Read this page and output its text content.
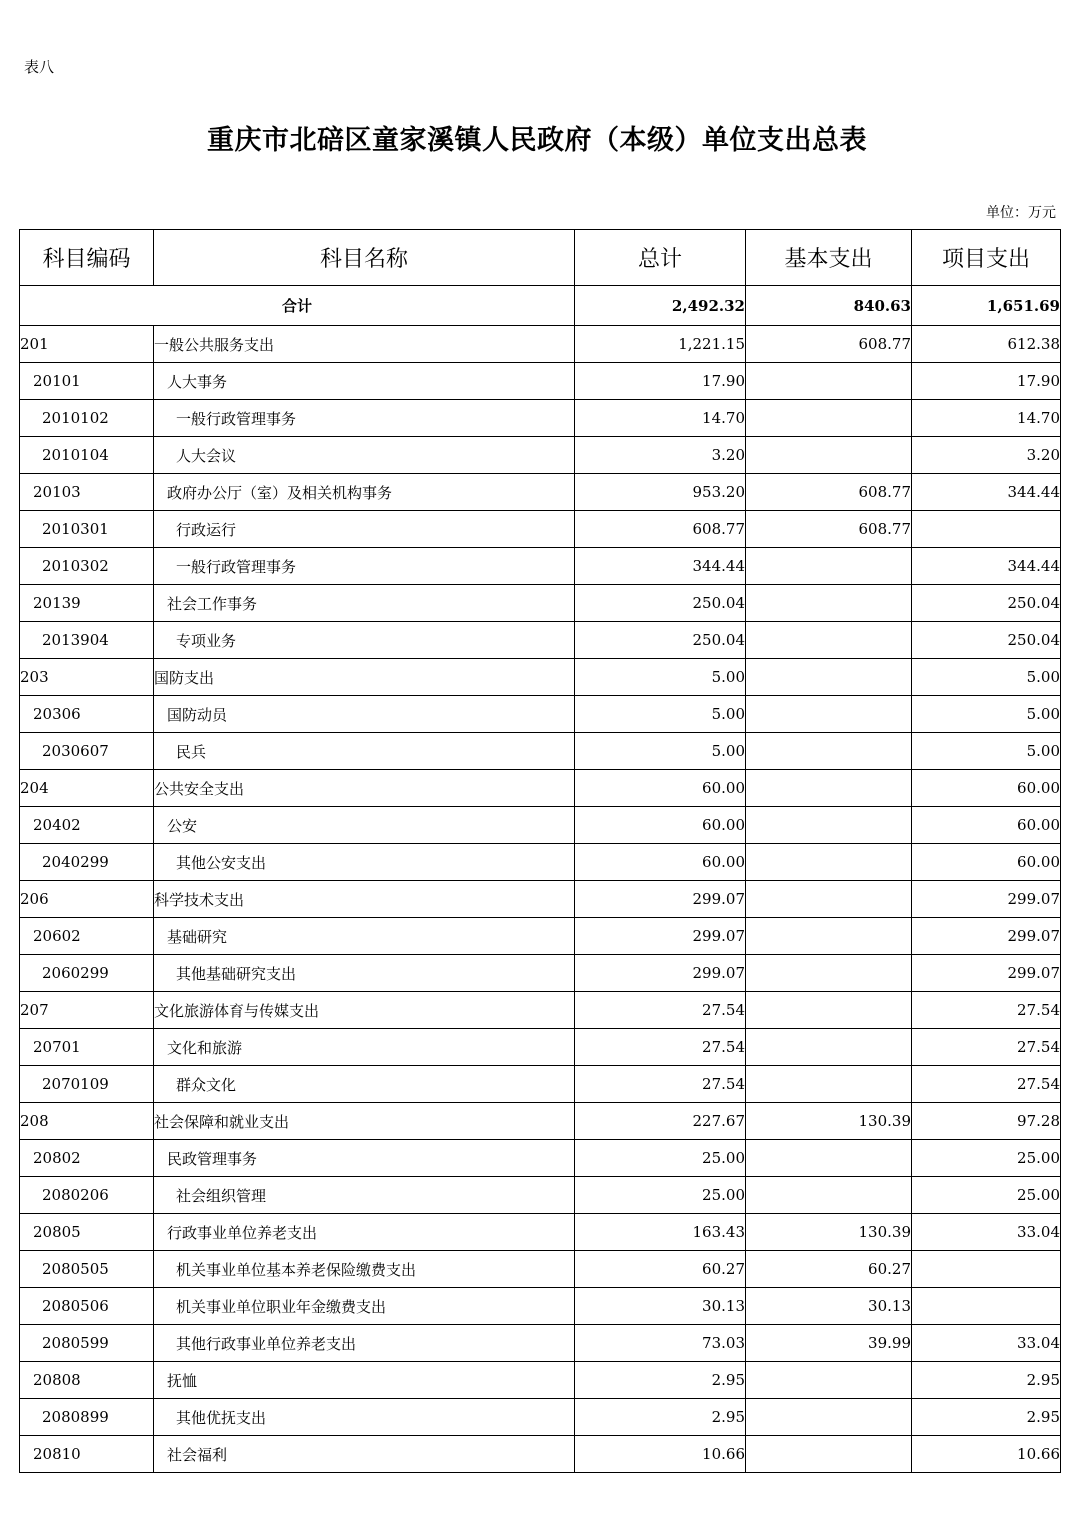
表八
重庆市北碚区童家溪镇人民政府（本级）单位支出总表
单位：万元
科目编码	科目名称	总计	基本支出	项目支出
合计		2,492.32	840.63	1,651.69
201	一般公共服务支出	1,221.15	608.77	612.38
20101	人大事务	17.90		17.90
2010102	一般行政管理事务	14.70		14.70
2010104	人大会议	3.20		3.20
20103	政府办公厅（室）及相关机构事务	953.20	608.77	344.44
2010301	行政运行	608.77	608.77	
2010302	一般行政管理事务	344.44		344.44
20139	社会工作事务	250.04		250.04
2013904	专项业务	250.04		250.04
203	国防支出	5.00		5.00
20306	国防动员	5.00		5.00
2030607	民兵	5.00		5.00
204	公共安全支出	60.00		60.00
20402	公安	60.00		60.00
2040299	其他公安支出	60.00		60.00
206	科学技术支出	299.07		299.07
20602	基础研究	299.07		299.07
2060299	其他基础研究支出	299.07		299.07
207	文化旅游体育与传媒支出	27.54		27.54
20701	文化和旅游	27.54		27.54
2070109	群众文化	27.54		27.54
208	社会保障和就业支出	227.67	130.39	97.28
20802	民政管理事务	25.00		25.00
2080206	社会组织管理	25.00		25.00
20805	行政事业单位养老支出	163.43	130.39	33.04
2080505	机关事业单位基本养老保险缴费支出	60.27	60.27	
2080506	机关事业单位职业年金缴费支出	30.13	30.13	
2080599	其他行政事业单位养老支出	73.03	39.99	33.04
20808	抚恤	2.95		2.95
2080899	其他优抚支出	2.95		2.95
20810	社会福利	10.66		10.66
